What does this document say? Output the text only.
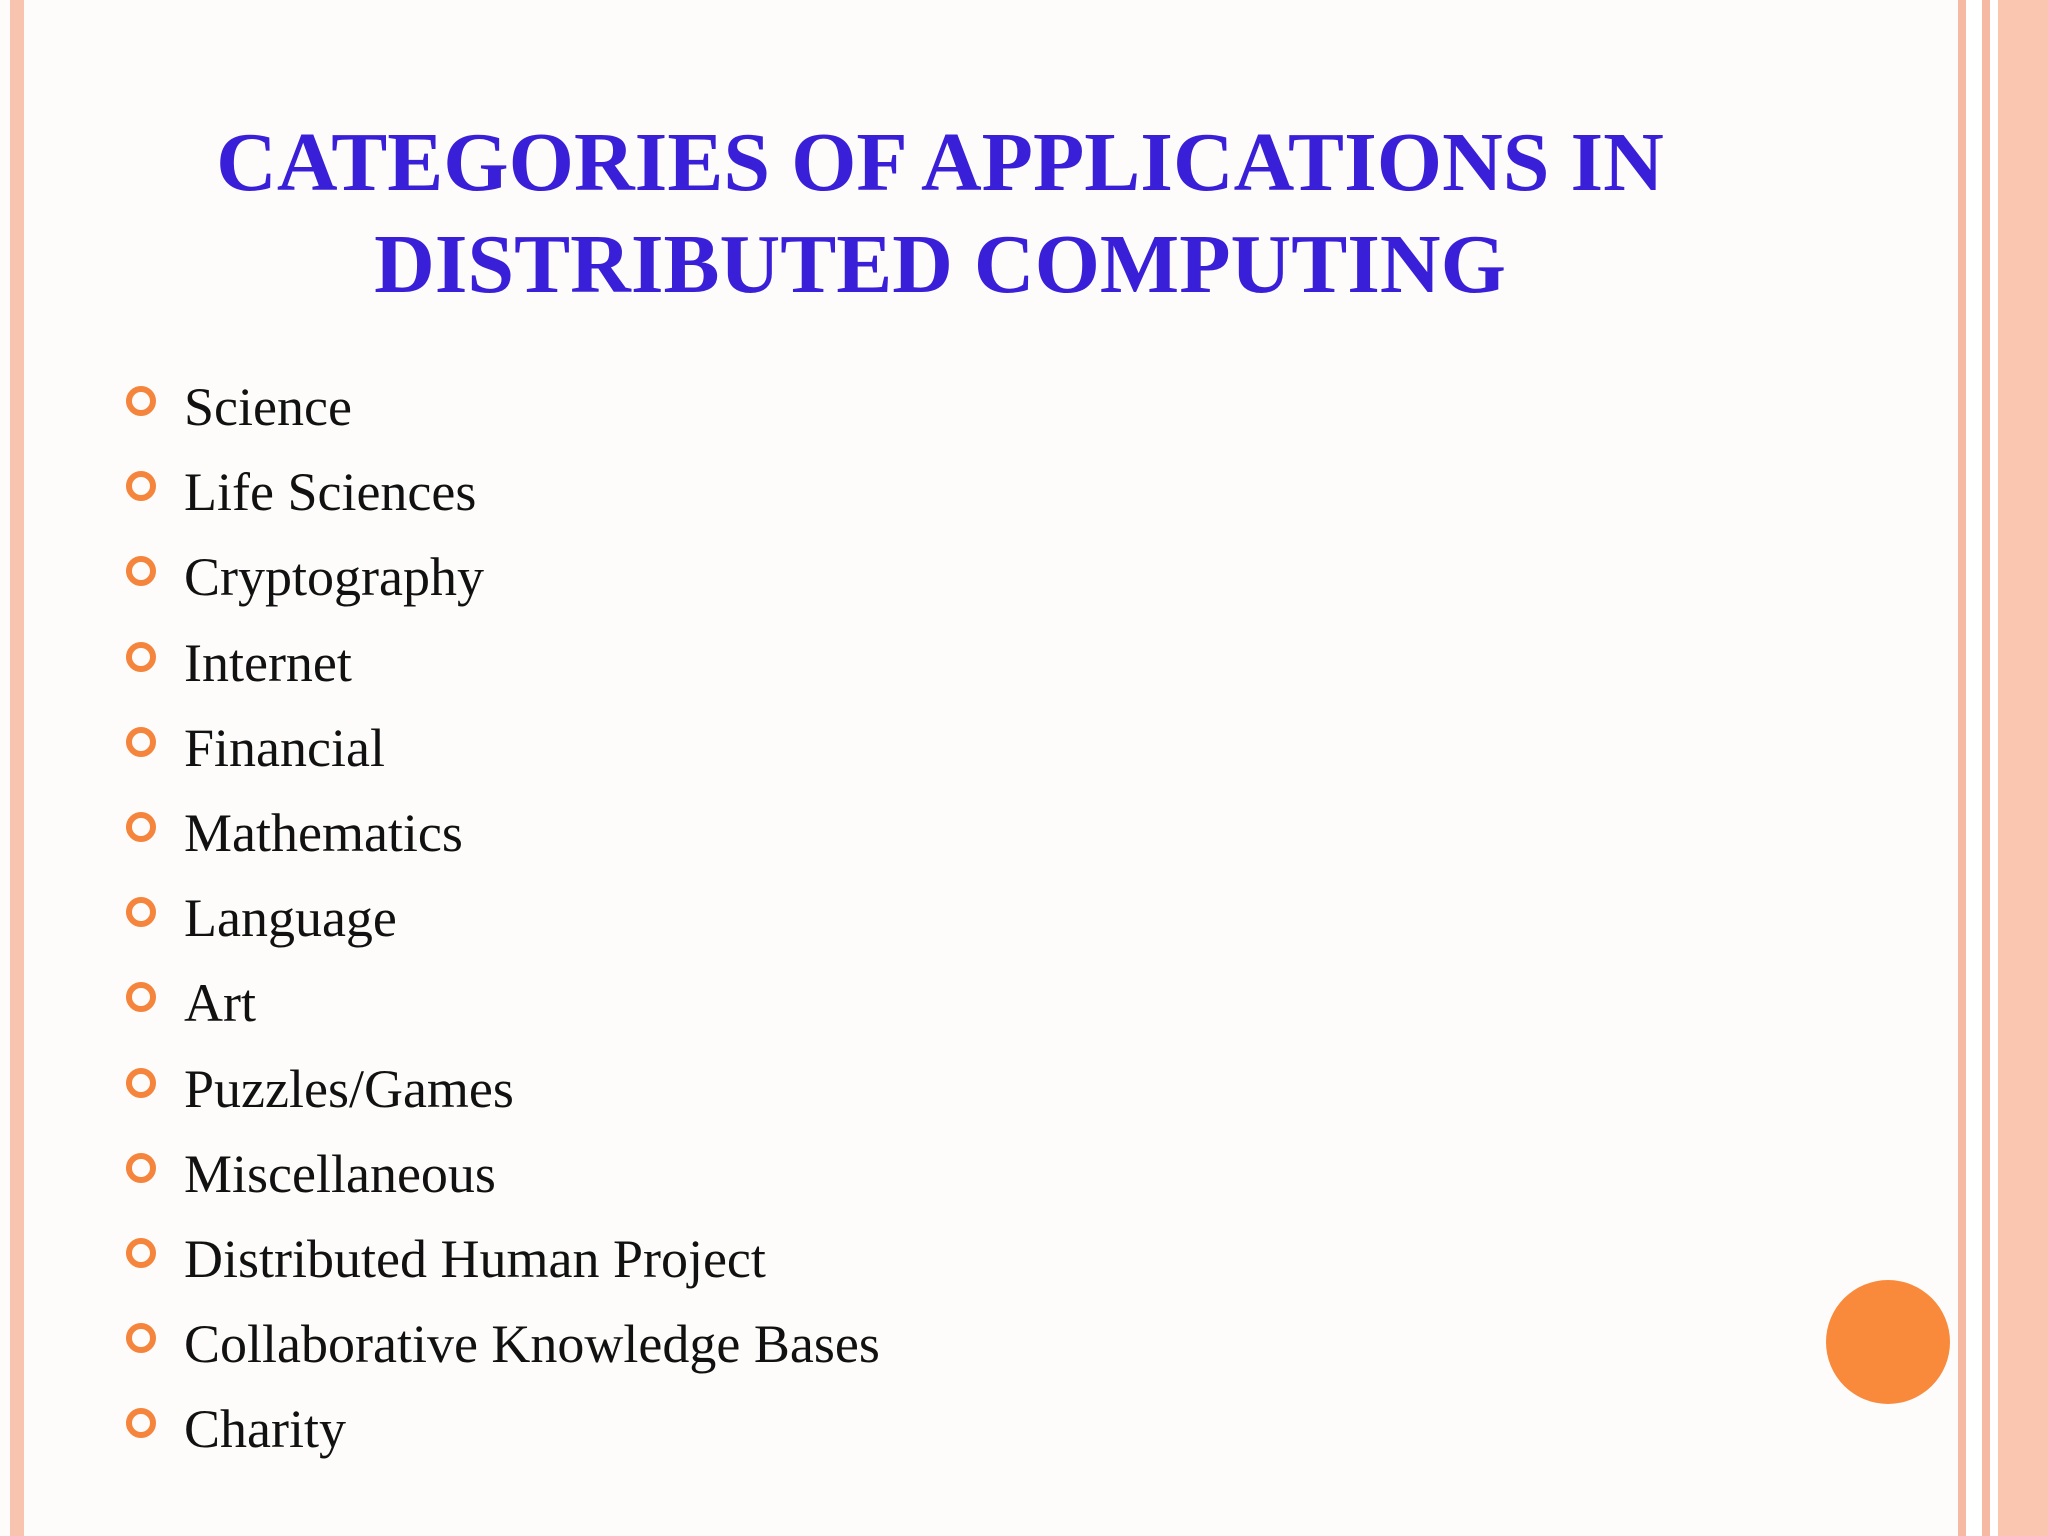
CATEGORIES OF APPLICATIONS IN
DISTRIBUTED COMPUTING
Science
Life Sciences
Cryptography
Internet
Financial
Mathematics
Language
Art
Puzzles/Games
Miscellaneous
Distributed Human Project
Collaborative Knowledge Bases
Charity
